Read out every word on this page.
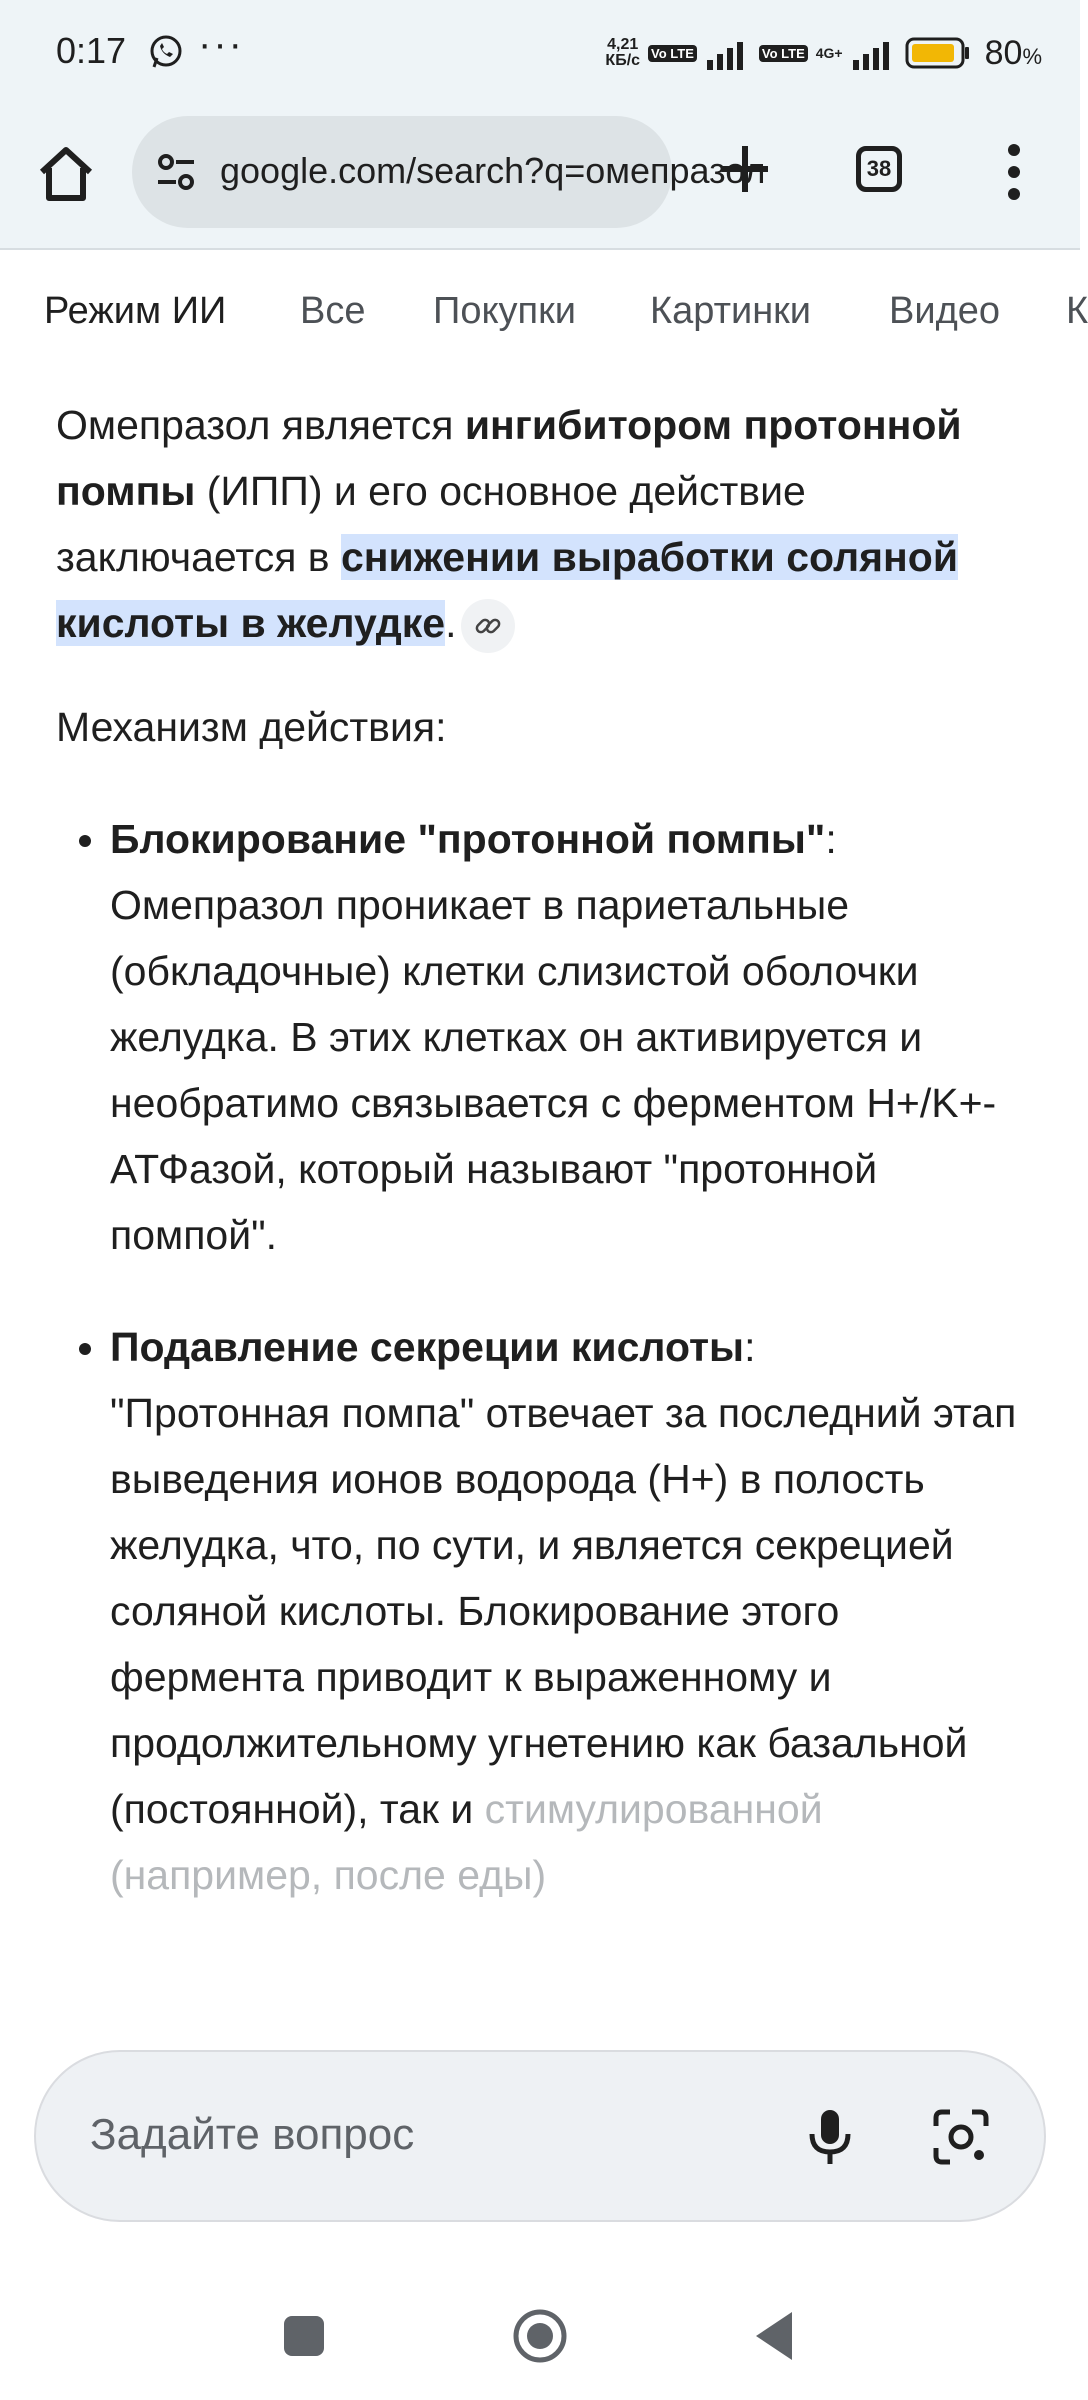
0:17 ···	4,21
КБ/с Vo LTE	Vo LTE 4G+	80%
google.com/search?q=омепразол	38
Режим ИИ Все Покупки Картинки Видео К

Омепразол является ингибитором протонной помпы (ИПП) и его основное действие заключается в снижении выработки соляной кислоты в желудке.

Механизм действия:

• Блокирование "протонной помпы":
Омепразол проникает в париетальные (обкладочные) клетки слизистой оболочки желудка. В этих клетках он активируется и необратимо связывается с ферментом H+/K+-АТФазой, который называют "протонной помпой".
• Подавление секреции кислоты:
"Протонная помпа" отвечает за последний этап выведения ионов водорода (H+) в полость желудка, что, по сути, и является секрецией соляной кислоты. Блокирование этого фермента приводит к выраженному и продолжительному угнетению как базальной (постоянной), так и стимулированной (например, после еды)
Задайте вопрос
